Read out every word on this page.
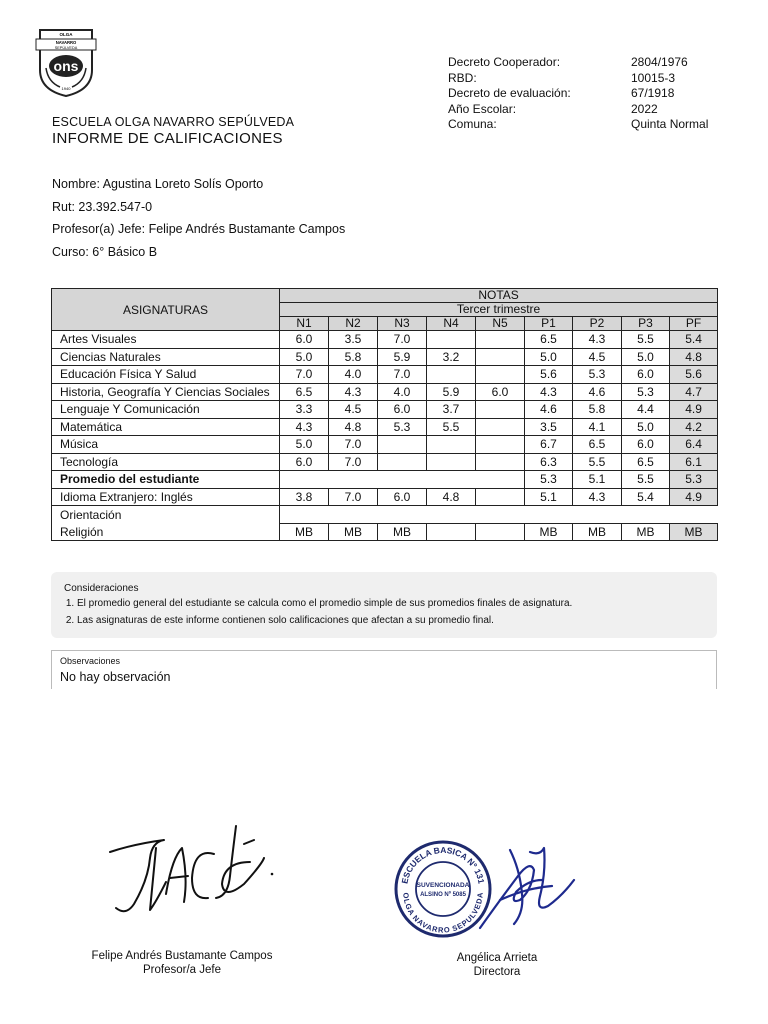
OLGA
NAVARRO
SEPÚLVEDA
ons
1940
Decreto Cooperador:	2804/1976
RBD:	10015-3
Decreto de evaluación:	67/1918
Año Escolar:	2022
Comuna:	Quinta Normal
ESCUELA OLGA NAVARRO SEPÚLVEDA
INFORME DE CALIFICACIONES
Nombre: Agustina Loreto Solís Oporto
Rut: 23.392.547-0
Profesor(a) Jefe: Felipe Andrés Bustamante Campos
Curso: 6° Básico B
ASIGNATURAS	NOTAS								
	Tercer trimestre								
	N1	N2	N3	N4	N5	P1	P2	P3	PF
Artes Visuales	6.0	3.5	7.0			6.5	4.3	5.5	5.4
Ciencias Naturales	5.0	5.8	5.9	3.2		5.0	4.5	5.0	4.8
Educación Física Y Salud	7.0	4.0	7.0			5.6	5.3	6.0	5.6
Historia, Geografía Y Ciencias Sociales	6.5	4.3	4.0	5.9	6.0	4.3	4.6	5.3	4.7
Lenguaje Y Comunicación	3.3	4.5	6.0	3.7		4.6	5.8	4.4	4.9
Matemática	4.3	4.8	5.3	5.5		3.5	4.1	5.0	4.2
Música	5.0	7.0				6.7	6.5	6.0	6.4
Tecnología	6.0	7.0				6.3	5.5	6.5	6.1
Promedio del estudiante						5.3	5.1	5.5	5.3
Idioma Extranjero: Inglés	3.8	7.0	6.0	4.8		5.1	4.3	5.4	4.9
Orientación									
Religión	MB	MB	MB			MB	MB	MB	MB
Consideraciones
1. El promedio general del estudiante se calcula como el promedio simple de sus promedios finales de asignatura.
2. Las asignaturas de este informe contienen solo calificaciones que afectan a su promedio final.
Observaciones
No hay observación
ESCUELA BASICA Nº 131
OLGA NAVARRO SEPULVEDA
SUVENCIONADA
ALSINO Nº 5085
Felipe Andrés Bustamante Campos
Profesor/a Jefe
Angélica Arrieta
Directora
